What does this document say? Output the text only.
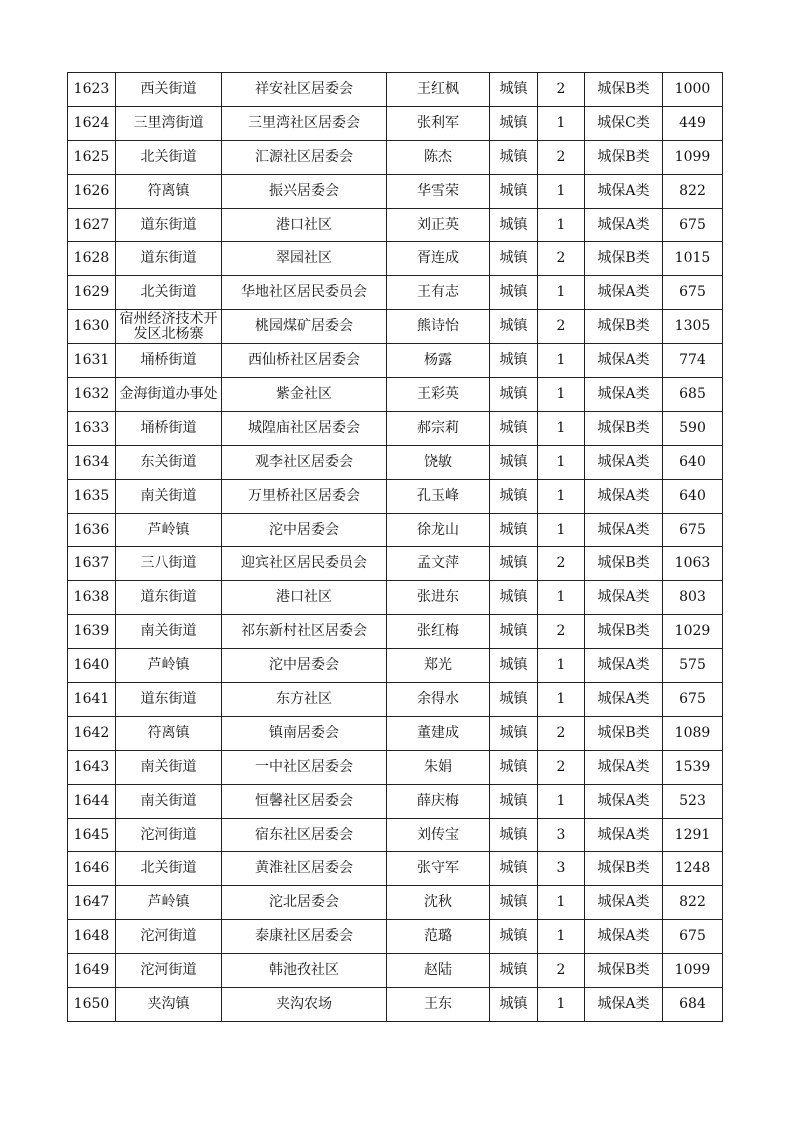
1623	西关街道	祥安社区居委会	王红枫	城镇	2	城保B类	1000
1624	三里湾街道	三里湾社区居委会	张利军	城镇	1	城保C类	449
1625	北关街道	汇源社区居委会	陈杰	城镇	2	城保B类	1099
1626	符离镇	振兴居委会	华雪荣	城镇	1	城保A类	822
1627	道东街道	港口社区	刘正英	城镇	1	城保A类	675
1628	道东街道	翠园社区	胥连成	城镇	2	城保B类	1015
1629	北关街道	华地社区居民委员会	王有志	城镇	1	城保A类	675
1630	宿州经济技术开发区北杨寨	桃园煤矿居委会	熊诗怡	城镇	2	城保B类	1305
1631	埇桥街道	西仙桥社区居委会	杨露	城镇	1	城保A类	774
1632	金海街道办事处	紫金社区	王彩英	城镇	1	城保A类	685
1633	埇桥街道	城隍庙社区居委会	郝宗莉	城镇	1	城保B类	590
1634	东关街道	观李社区居委会	饶敏	城镇	1	城保A类	640
1635	南关街道	万里桥社区居委会	孔玉峰	城镇	1	城保A类	640
1636	芦岭镇	沱中居委会	徐龙山	城镇	1	城保A类	675
1637	三八街道	迎宾社区居民委员会	孟文萍	城镇	2	城保B类	1063
1638	道东街道	港口社区	张进东	城镇	1	城保A类	803
1639	南关街道	祁东新村社区居委会	张红梅	城镇	2	城保B类	1029
1640	芦岭镇	沱中居委会	郑光	城镇	1	城保A类	575
1641	道东街道	东方社区	余得水	城镇	1	城保A类	675
1642	符离镇	镇南居委会	董建成	城镇	2	城保B类	1089
1643	南关街道	一中社区居委会	朱娟	城镇	2	城保A类	1539
1644	南关街道	恒馨社区居委会	薛庆梅	城镇	1	城保A类	523
1645	沱河街道	宿东社区居委会	刘传宝	城镇	3	城保A类	1291
1646	北关街道	黄淮社区居委会	张守军	城镇	3	城保B类	1248
1647	芦岭镇	沱北居委会	沈秋	城镇	1	城保A类	822
1648	沱河街道	泰康社区居委会	范璐	城镇	1	城保A类	675
1649	沱河街道	韩池孜社区	赵陆	城镇	2	城保B类	1099
1650	夹沟镇	夹沟农场	王东	城镇	1	城保A类	684
